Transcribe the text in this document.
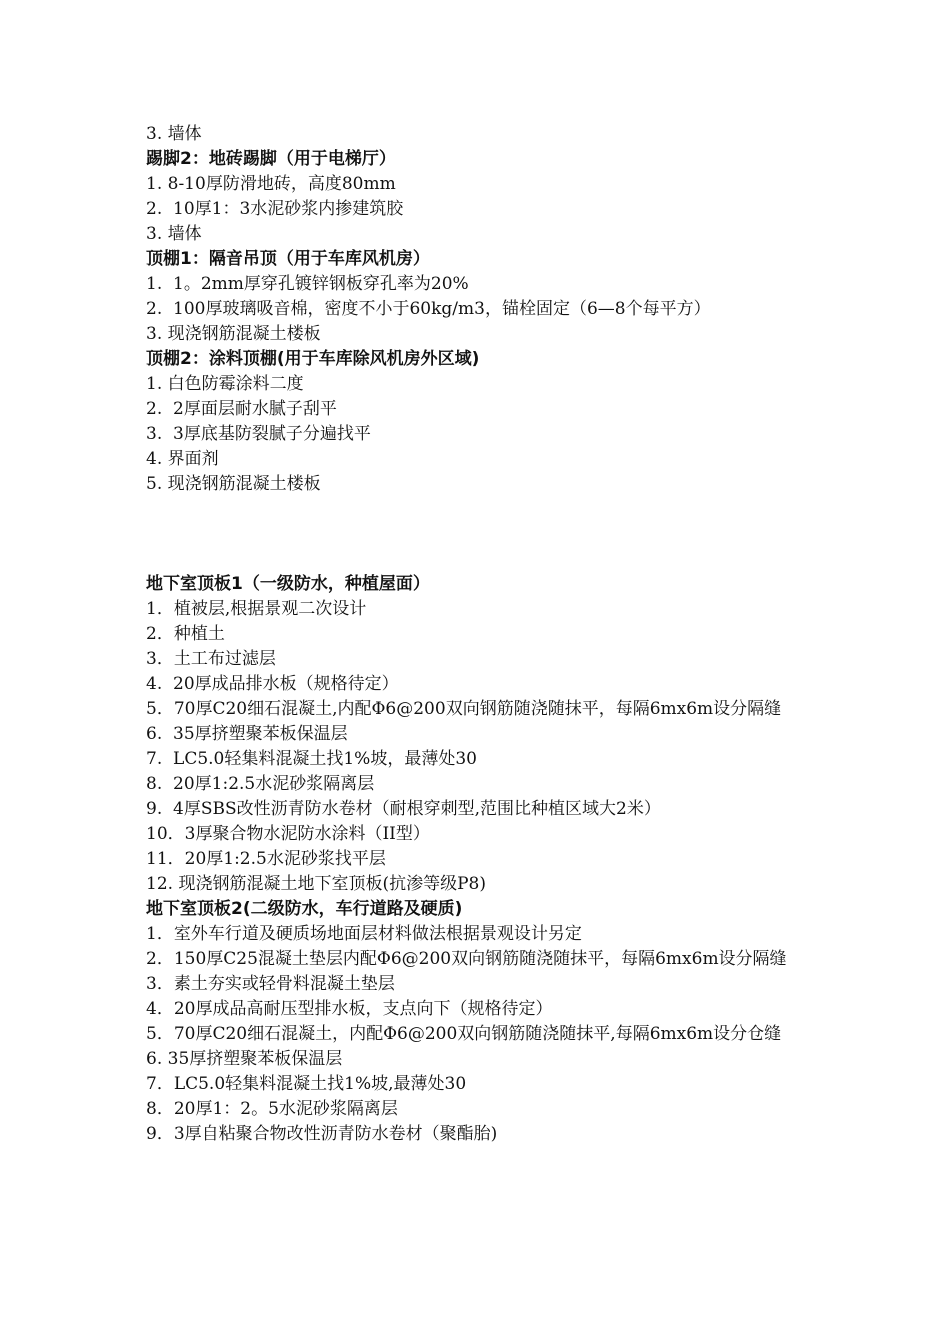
3. 墙体

踢脚2：地砖踢脚（用于电梯厅）

1. 8-10厚防滑地砖，高度80mm

2.  10厚1：3水泥砂浆内掺建筑胶

3. 墙体

顶棚1：隔音吊顶（用于车库风机房）

1.  1。2mm厚穿孔镀锌钢板穿孔率为20%

2.  100厚玻璃吸音棉，密度不小于60kg/m3，锚栓固定（6—8个每平方）

3. 现浇钢筋混凝土楼板

顶棚2：涂料顶棚(用于车库除风机房外区域)

1. 白色防霉涂料二度

2.  2厚面层耐水腻子刮平

3.  3厚底基防裂腻子分遍找平

4. 界面剂

5. 现浇钢筋混凝土楼板

地下室顶板1（一级防水，种植屋面）

1．植被层,根据景观二次设计

2．种植土

3．土工布过滤层

4.  20厚成品排水板（规格待定）

5．70厚C20细石混凝土,内配Φ6@200双向钢筋随浇随抹平，每隔6mx6m设分隔缝

6.  35厚挤塑聚苯板保温层

7.  LC5.0轻集料混凝土找1%坡，最薄处30

8.  20厚1:2.5水泥砂浆隔离层

9.  4厚SBS改性沥青防水卷材（耐根穿刺型,范围比种植区域大2米）

10．3厚聚合物水泥防水涂料（II型）

11．20厚1:2.5水泥砂浆找平层

12. 现浇钢筋混凝土地下室顶板(抗渗等级P8)

地下室顶板2(二级防水，车行道路及硬质)

1．室外车行道及硬质场地面层材料做法根据景观设计另定

2．150厚C25混凝土垫层内配Φ6@200双向钢筋随浇随抹平，每隔6mx6m设分隔缝

3．素土夯实或轻骨料混凝土垫层

4．20厚成品高耐压型排水板，支点向下（规格待定）

5．70厚C20细石混凝土，内配Φ6@200双向钢筋随浇随抹平,每隔6mx6m设分仓缝

6. 35厚挤塑聚苯板保温层

7．LC5.0轻集料混凝土找1%坡,最薄处30

8．20厚1：2。5水泥砂浆隔离层

9．3厚自粘聚合物改性沥青防水卷材（聚酯胎)
